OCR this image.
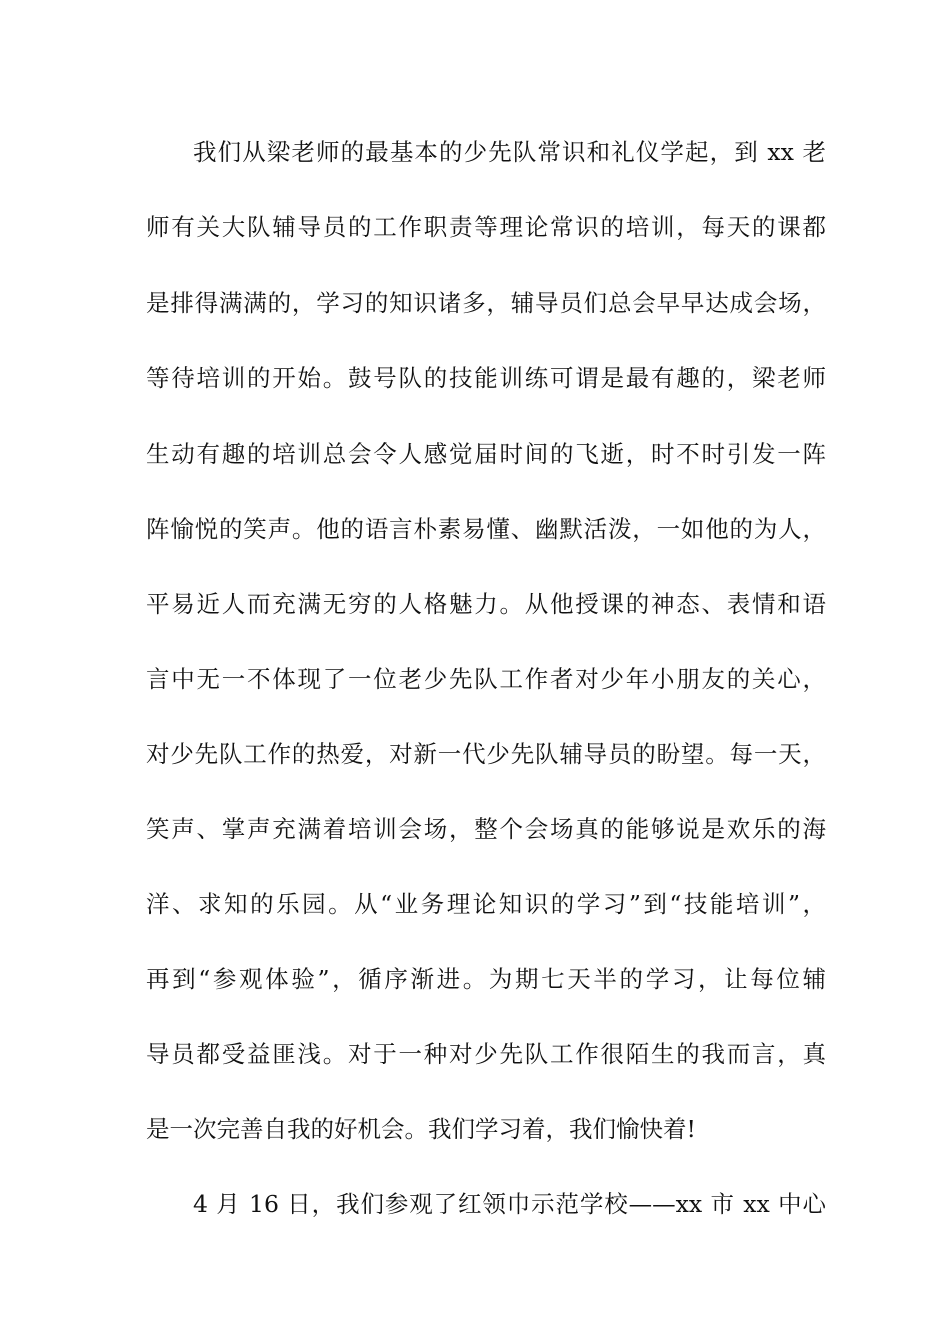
我们从梁老师的最基本的少先队常识和礼仪学起，到 xx 老
师有关大队辅导员的工作职责等理论常识的培训，每天的课都
是排得满满的，学习的知识诸多，辅导员们总会早早达成会场，
等待培训的开始。鼓号队的技能训练可谓是最有趣的，梁老师
生动有趣的培训总会令人感觉届时间的飞逝，时不时引发一阵
阵愉悦的笑声。他的语言朴素易懂、幽默活泼，一如他的为人，
平易近人而充满无穷的人格魅力。从他授课的神态、表情和语
言中无一不体现了一位老少先队工作者对少年小朋友的关心，
对少先队工作的热爱，对新一代少先队辅导员的盼望。每一天，
笑声、掌声充满着培训会场，整个会场真的能够说是欢乐的海
洋、求知的乐园。从“业务理论知识的学习”到“技能培训”，
再到“参观体验”，循序渐进。为期七天半的学习，让每位辅
导员都受益匪浅。对于一种对少先队工作很陌生的我而言，真
是一次完善自我的好机会。我们学习着，我们愉快着!
4 月 16 日，我们参观了红领巾示范学校——xx 市 xx 中心
